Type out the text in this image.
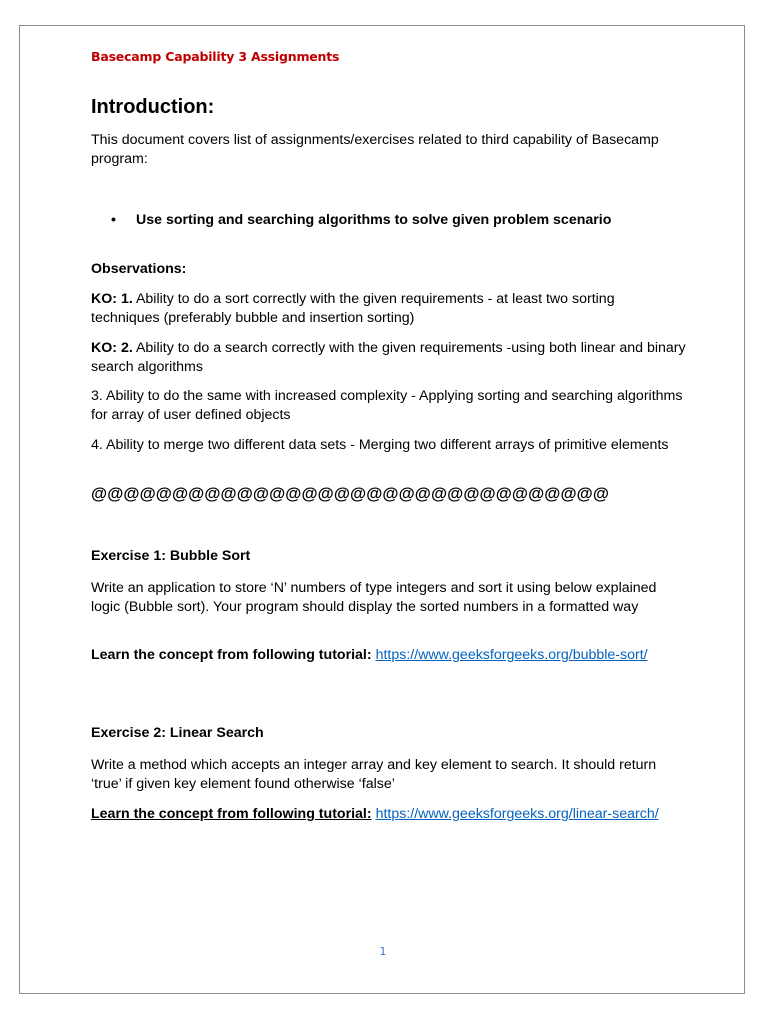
Basecamp Capability 3 Assignments
Introduction:
This document covers list of assignments/exercises related to third capability of Basecamp program:
• Use sorting and searching algorithms to solve given problem scenario
Observations:
KO: 1. Ability to do a sort correctly with the given requirements - at least two sorting techniques (preferably bubble and insertion sorting)
KO: 2. Ability to do a search correctly with the given requirements -using both linear and binary search algorithms
3. Ability to do the same with increased complexity - Applying sorting and searching algorithms for array of user defined objects
4. Ability to merge two different data sets - Merging two different arrays of primitive elements
@@@@@@@@@@@@@@@@@@@@@@@@@@@@@@@@
Exercise 1: Bubble Sort
Write an application to store ‘N’ numbers of type integers and sort it using below explained logic (Bubble sort). Your program should display the sorted numbers in a formatted way
Learn the concept from following tutorial: https://www.geeksforgeeks.org/bubble-sort/
Exercise 2: Linear Search
Write a method which accepts an integer array and key element to search. It should return ‘true’ if given key element found otherwise ‘false’
Learn the concept from following tutorial: https://www.geeksforgeeks.org/linear-search/
1
